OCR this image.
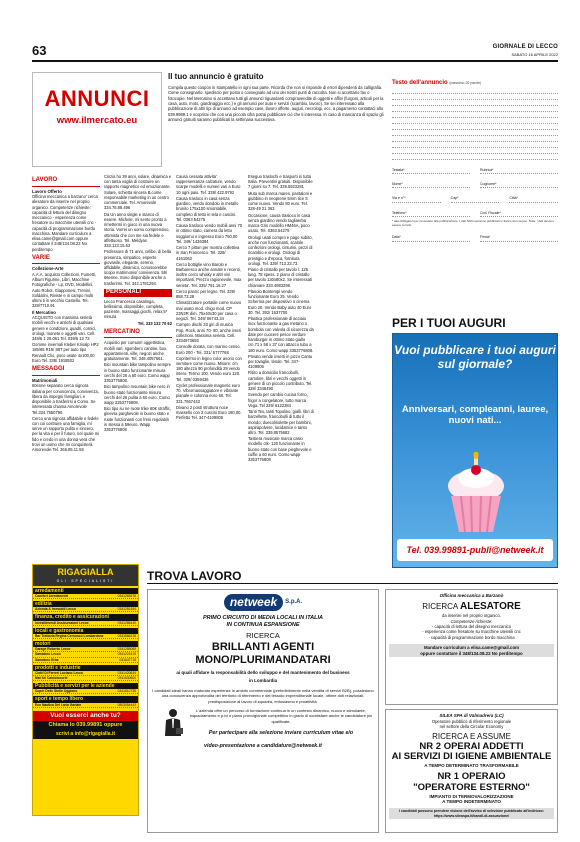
63	GIORNALE DI LECCO
SABATO 16 APRILE 2022
ANNUNCI
www.ilmercato.eu
Il tuo annuncio è gratuito
Compila questo coupon in stampatello in ogni sua parte. Ricorda che non si risponde di errori dipendenti da calligrafia. Come consegnarlo: spedisclo per posta o consegnalo ad uno dei nostri punti di raccolta. Non si accettano fax o fotocopie. Nel Mercatino si accettano tutti gli annunci riguardanti compravendite di oggetti e affini (furgoni, articoli per la casa, auto, moto, giardinaggio ecc.) e gli annunci per auto e servizi (scambio, lavoro). Se sei interessato alla pubblicazione di altri tipi di annunci ad esempio case, lavoro offerte, auguri, necrologi, ecc. a pagamento contattaci allo 039.9989.1 e scoprirai che con una piccola cifra potrai pubblicare ciò che ti interessa. In caso di mancanza di spazio gli annunci gratuiti saranno pubblicati la settimana successiva.
Testo dell'annuncio (massimo 20 parole)
Testata*	Rubrica*
Nome*	Cognome*
Via e n°*	Cap*	Città*
Telefono*	Cod. Fiscale*
* dati obbligatori per procedere alla pubblicazione. I dati NON verranno pubblicati in fianco del coupon. Nota: i dati devono essere corretti.
Data*	Firma*
LAVORO
Lavoro Offerto

Officina meccanica a barzano' cerca alesatore da inserire nel proprio organico. Competenze richieste: capacità di lettura del disegno meccanico - esperienza come fresatore su macchine utensili cnc - capacità di programmazione bordo macchina. Mandare curriculum a elisa.came@gmail.com oppure contattare il 348/134.08.22 No perditempo

VARIE
Collezione-Arte

A.A.A. acquisto Collezioni, Fumetti, Album Figurine, Libri, Macchine Fotografiche - Lp, DVD, Modellini, Auto Robot, Giapponesi, Trenini, Soldatini, Riviste e in campo molti ultimi ti in vecchio Castello. Tel. 328/7710.91

Il Mercatino

ACQUISTO con massima serietà mobili vecchi e antichi di qualsiasi genere e condizioni, quadri, cornici, orologi, monete e oggetti vari. Cell. 348/6 1 25.061 Tel. 039/6 13 73

Gomme invernali Kleber Krisalp HP2 185/65 R15/ 88T per auto tipo Renault Clio, poco usate 4x100,00 Euro Tel. 338/ 1918502

MESSAGGI
Matrimoniali

60enne separato cerca signora italiana per conoscenza, convivenza, libera da impegni famigliari, e disponibile a trasferirsi a Como. Se interessata chiama Amorevole Tel.334.7550790.

Cerco una signora affidabile e fedele con cui costruire una famiglia, mi serve un rapporto pulito e sincero, per la vita e per il futuro, nel quale mi fido e credo in una donna vera che trovi un uomo che mi conquisterà. Amorevole Tel. 366.85.11.55

Cinzia ho 39 anni, solare, dinamica e con tanta voglia di costruire un rapporto magnetico ed emozionante. Solare, schietta sincera B,come responsabile marketing in un centro commerciale. Tel. Amorevole 334.76.88.496

Da Un anno single e stanco di essere. Michele, mi sento pronto a rimettermi in gioco in una nuova storia. Vorrei un uomo comprensivo, ottimista che con me sia fedele e affettuoso. Tel. Meldyas 333.123.15.63

Professore di 71 anni, celibe, di bella presenza, simpatico, esperto giovanile, elegante, sereno, affidabile, dinamico, conoscerebbe scopo matrimonio/ convivenza. 59/ 66enne. Sono disponibile anche a trasferirmi. Tel. 342.1781294.

PERSONALI

Lecco Francesca casalinga, bellissima, disponibile, completa, paziente, massaggi,giochi, relax,5* misura

Tel. 333 132 70 62

MERCATINO

Acquisto per comunri oggettistica, mobili vari, sgombero cantine, box, appartamenti, ville, negozi anche gratuitamente. Tel. 348.4057561.

Bici mountain bike tampolino sempre in buono stato funzionante misura cerchi del 26 a 60 euro. Como wapp 3353776808.

Bici tampolino mountain bike nero in buono stato funzionante misura cerchi del 26 pulita a 60 euro. Como wapp 3353776808.

Bici tipo su ne ruote trike 60€ straffic, ginevra parghevole in buono stato e ruote funzionanti con freni regolabili in stessa a 59euro. Wapp 3353776808

Causa cessata attivita' rappresentanza calzature, vendo scarpe modelli e numeri vari a Euro 10 ogni paio. Tel. 338/ 422.9792

Causa trasloco in casa senza giardino, vendo dondolo in metallo brunito 175x100 smontabile, completo di tetto in tela e cuscini. Tel. 0363.54275

Causa trasloco vendo mobili anni 70 in ottimo stato, camera da letto soggiorno e ingresso Euro 750,00 Tel. 349/ 1436384

Cerco 7 pitton per mostra collettiva in San Francesco. Tel. 328/ 4161063

Cerco bottiglie vino Barolo e Barbaresco anche annate e recenti, inoltre cerco whisky e altri vini importanti. Prezzo ragionevole, max serieta'. Tel. 335/ 791.16.27

Cerco pannc per legno. Tel. 329/ 858.73.28

Climatizzatore portatile come nuovo mai usato mod. chigo mod. CP 23N2R dim. 75x40x30 per casa o negozi. Tel. 349/ 06743.34

Compro dischi 33 giri di musica Pop, Rock, anni 70- 80, anche interi collezioni. Massima serieta. Cell. 3334973693

Consolle dorata, con marmo censo. Euro 200 - Tel. 331/ 5777768

Copritermo in legno color avorio con verniture come nuovo. Misure: cm 180 altezza 90 profondità 29 vendo intero. Termo 100. Vendo euro 120. Tel. 329/ 0359436

Cyclet professionale magnetic euro 70. Vibromassaggiatore e vibrante pianale e colonna euro 60. Tel. 331.7667443

Divano 2 posti struttura noce massello con 2 cuscini Euro 180,00. Perfetto Tel. 347-4109806

Eseguo traslochi e trasporti in tutta Italia. Preventivi gratuiti. Disponibile 7 giorni su 7. Tel. 335.5923281

Muta sub marca mares, pantaloni e giubbino in neoprene 5mm tice S come nuovo. Vendo 80 euro. Tel. 328-49 21 363.

Occasione, causa trasloco in casa senza giardino vendo tagliaerba marca Grin modello HM46A, poco usato. Tel. 0363.54275

Orologi usati compro e pago subito, anche non funzionanti, scatole confezioni orologi, cinturini, pezzi di ricambio e orologi. Orologi di prestigio e d'epoca, fornitura orologi. Tel. 339/ 713.23.73.

Piano di cristallo per tavolo l. 125 lung. 78 spess. 2 piano di cristallo per tavolo 130x80x2. Se interessati chiamare 333.4983298.

Planolo Bontempi vendo funzionante Euro 25. Vendo Scherma per dispositivo o cinema Euro 20. Vendo Baby auto 40 Euro 30. Tel. 392/ 1637700

Plastica professionale di acciaio inox funzionante a gas metano o bombola con valvola di sicurezza da date per cuocere pesce verdure hamburger in ottimo stato giallo cm.71 x 58 x 37 con attacco tubo a 180 euro. Como wapp 3353776808.

Privato vende inserti in pizzo Cantu per tovaglie, tende. Tel. 347-4109806

Ritiro a domicilio francobolli, cartoline, libri e vecchi oggetti in genere di un piccolo contributo. Tel. 328/ 3348490

Svendo per cambio cucina forno, frigor a congelatore, tutto marca Vega. Tel 339/ 6122384

Tanti Tex, tanti Topolino, gialli, libri di barzellette, francobolli di tutto il mondo; duecolinolette per bambini, aspirapolvere, lucidatrice e tanto altro. Tel. 339.8575682

Tastiera musicale marca casio modello ctk- 120 funzionante in buono stato con base pieghevole e cuffie a 60 euro. Como wapp 3353776808

PER I TUOI AUGURI
Vuoi pubblicare i tuoi auguri sul giornale?
Anniversari, compleanni, lauree, nuovi nati...
Tel. 039.99891-publi@netweek.it
RIGAGIALLA
GLI SPECIALISTI
arredamenti
Comfort Arredamenti	0341283578
edilizia
Azienda & Immobili Lecco	0341281454
finanza, credito e assicurazioni
Investiinvesti Assicurazioni Lecco	0341286440
locali e gastronomia
Bar Trattoria Regina Cernusco Lombardone	0341666378
motori
Garage Roberto Lecco	0341285065
Samatoro Lecco	0341224415
Samatoro Erba	031647715
prodotti e industrie
Clotif Di Ferreri Luciano Lecco	0341420634
Mat Srl Calolziocorte	0341630600
Pubblicità e servizi per le aziende
Super Delle Stelle Oggiono	0341810735
sport e tempo libero
Eco Nautica Del Lario Garlate	0803054443
Vuoi esserci anche tu?
Chiama lo 039.99891 oppure
scrivi a info@rigagialla.it
TROVA LAVORO
netweek	S.p.A.
PRIMO CIRCUITO DI MEDIA LOCALI IN ITALIA
IN CONTINUA ESPANSIONE
RICERCA
BRILLANTI AGENTI
MONO/PLURIMANDATARI
ai quali affidare la responsabilità dello sviluppo e del mantenimento del business
in Lombardia
I candidati ideali hanno maturato esperienze in ambito commerciale (preferibilmente nella vendita di servizi B2B), possiedono una conoscenza approfondita del territorio di riferimento e del tessuto imprenditoriale locale, ottime doti relazionali, predisposizione al lavoro di squadra, entusiasmo e proattività.
L'azienda offre un percorso di formazione continua in un contesto dinamico, nuovo e stimolante, inquadramento e p.ivi e piano provvigionale competitivo in grado di soddisfare anche le candidature più qualificate.
Per partecipare alla selezione inviare curriculum vitae e/o
video-presentazione a candidature@netweek.it
Officina meccanica a Barzanò
RICERCA ALESATORE
da inserire nel proprio organico.
Competenze richieste:
- capacità di lettura del disegno meccanico
- esperienza come fresatore su macchine utensili cnc
- capacità di programmazione bordo macchina
Mandare curriculum a elisa.came@gmail.com
oppure contattare il 348/134.08.22 No perditempo
SILEA SPA di Valmadrera (LC)
Operatore pubblico di riferimento regionale
nel settore della Circular Economy
RICERCA E ASSUME
NR 2 OPERAI ADDETTI
AI SERVIZI DI IGIENE AMBIENTALE
A TEMPO DETERMINATO TRASFORMABILE
NR 1 OPERAIO
"OPERATORE ESTERNO"
IMPIANTO DI TERMOVALORIZZAZIONE
A TEMPO INDETERMINATO
I candidati possono prendere visione dell'avviso di selezione pubblicato all'indirizzo: https://www.sileaspa.it/bandi-di-assunzione/
